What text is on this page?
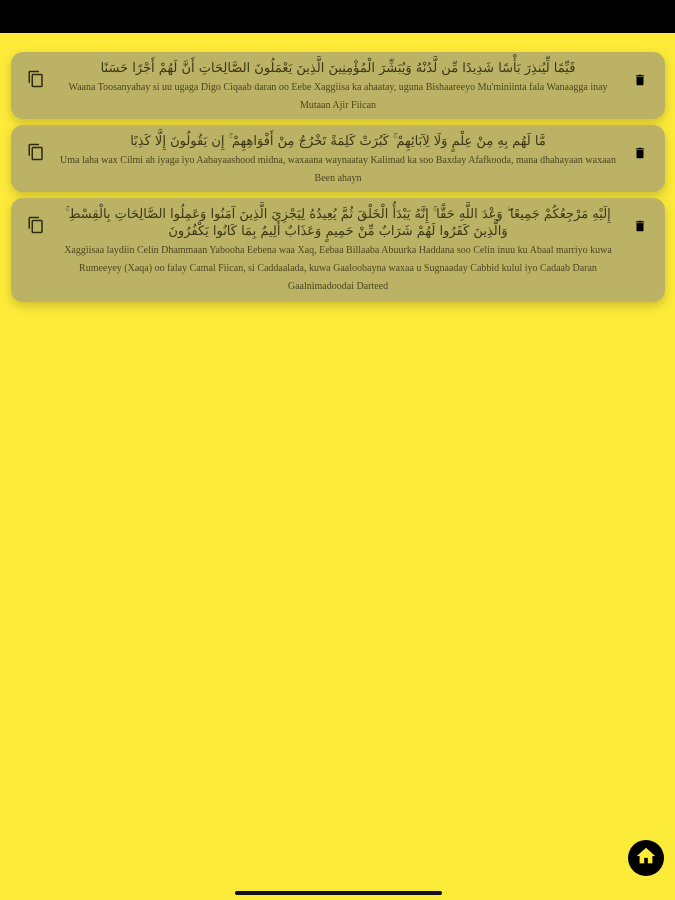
قَيِّمًا لِّيُنذِرَ بَأْسًا شَدِيدًا مِّن لَّدُنْهُ وَيُبَشِّرَ الْمُؤْمِنِينَ الَّذِينَ يَعْمَلُونَ الصَّالِحَاتِ أَنَّ لَهُمْ أَجْرًا حَسَنًا
Waana Toosanyahay si uu ugaga Digo Ciqaab daran oo Eebe Xaggiisa ka ahaatay, uguna Bishaareeyo Mu'miniinta fala Wanaagga inay Mutaan Ajir Fiican
مَّا لَهُم بِهِ مِنْ عِلْمٍ وَلَا لِآبَائِهِمْ ۚ كَبُرَتْ كَلِمَةً تَخْرُجُ مِنْ أَفْوَاهِهِمْ ۚ إِن يَقُولُونَ إِلَّا كَذِبًا
Uma laha wax Cilmi ah iyaga iyo Aabayaashood midna, waxaana waynaatay Kalimad ka soo Baxday Afafkooda, mana dhahayaan waxaan Been ahayn
إِلَيْهِ مَرْجِعُكُمْ جَمِيعًا ۖ وَعْدَ اللَّهِ حَقًّا ۚ إِنَّهُ يَبْدَأُ الْخَلْقَ ثُمَّ يُعِيدُهُ لِيَجْزِيَ الَّذِينَ آمَنُوا وَعَمِلُوا الصَّالِحَاتِ بِالْقِسْطِ ۚ وَالَّذِينَ كَفَرُوا لَهُمْ شَرَابٌ مِّنْ حَمِيمٍ وَعَذَابٌ أَلِيمٌ بِمَا كَانُوا يَكْفُرُونَ
Xaggiisaa laydiin Celin Dhammaan Yabooha Eebena waa Xaq, Eebaa Billaaba Abuurka Haddana soo Celin inuu ku Abaal marriyo kuwa Rumeeyey (Xaqa) oo falay Camal Fiican, si Caddaalada, kuwa Gaaloobayna waxaa u Sugnaaday Cabbid kulul iyo Cadaab Daran Gaalnimadoodai Darteed
